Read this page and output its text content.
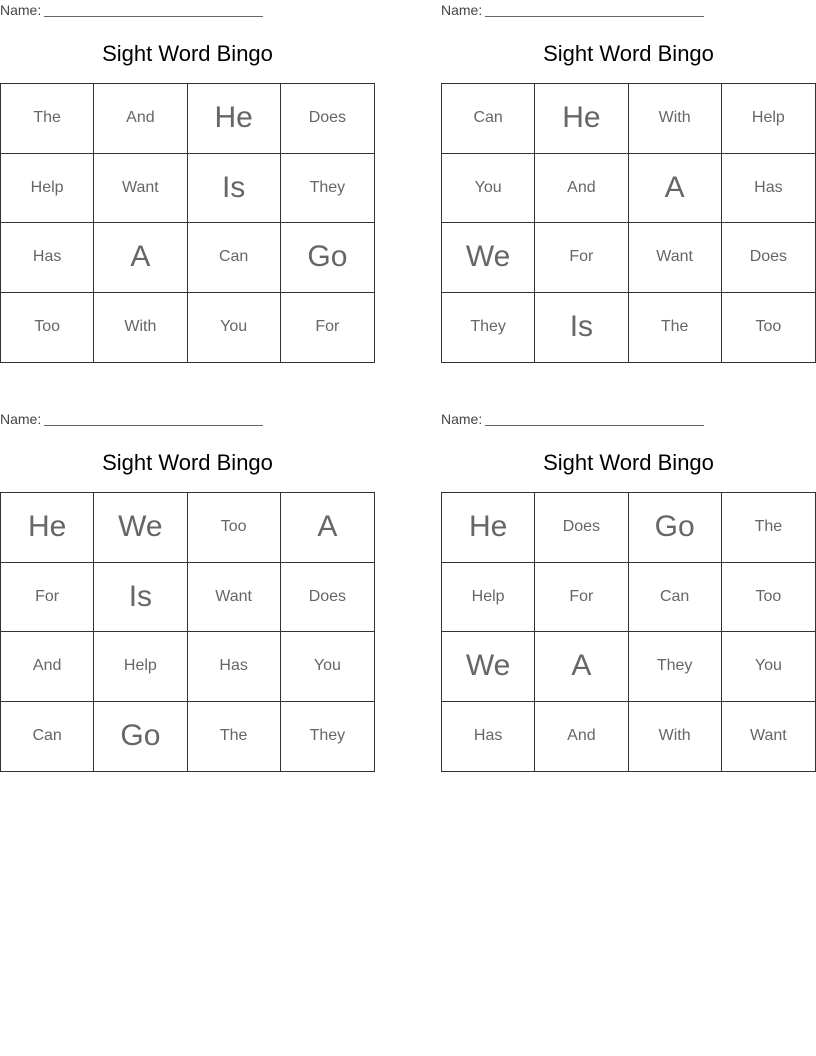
Name:
Sight Word Bingo
The	And	He	Does
Help	Want	Is	They
Has	A	Can	Go
Too	With	You	For
Name:
Sight Word Bingo
Can	He	With	Help
You	And	A	Has
We	For	Want	Does
They	Is	The	Too
Name:
Sight Word Bingo
He	We	Too	A
For	Is	Want	Does
And	Help	Has	You
Can	Go	The	They
Name:
Sight Word Bingo
He	Does	Go	The
Help	For	Can	Too
We	A	They	You
Has	And	With	Want
